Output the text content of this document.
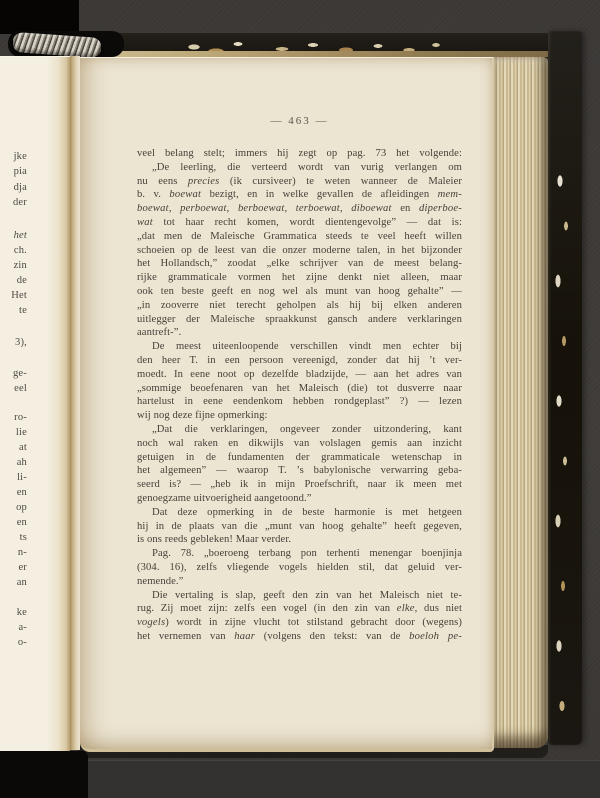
jke
pia
dja
der
het
ch.
zin
de
Het
te
3),
ge-
eel
ro-
lie
at
ah
li-
en
op
en
ts
n-
er
an
ke
a-
o-
— 463 —
veel belang stelt; immers hij zegt op pag. 73 het volgende:
„De leerling, die verteerd wordt van vurig verlangen om
nu eens precies (ik cursiveer) te weten wanneer de Maleier
b. v. boewat bezigt, en in welke gevallen de afleidingen mem-
boewat, perboewat, berboewat, terboewat, diboewat en diperboe-
wat tot haar recht komen, wordt dientengevolge” — dat is:
„dat men de Maleische Grammatica steeds te veel heeft willen
schoeien op de leest van die onzer moderne talen, in het bijzonder
het Hollandsch,” zoodat „elke schrijver van de meest belang-
rijke grammaticale vormen het zijne denkt niet alleen, maar
ook ten beste geeft en nog wel als munt van hoog gehalte” —
„in zooverre niet terecht geholpen als hij bij elken anderen
uitlegger der Maleische spraakkunst gansch andere verklaringen
aantreft-”.
De meest uiteenloopende verschillen vindt men echter bij
den heer T. in een persoon vereenigd, zonder dat hij ’t ver-
moedt. In eene noot op dezelfde bladzijde, — aan het adres van
„sommige beoefenaren van het Maleisch (die) tot dusverre naar
hartelust in eene eendenkom hebben rondgeplast” ?) — lezen
wij nog deze fijne opmerking:
„Dat die verklaringen, ongeveer zonder uitzondering, kant
noch wal raken en dikwijls van volslagen gemis aan inzicht
getuigen in de fundamenten der grammaticale wetenschap in
het algemeen” — waarop T. ’s babylonische verwarring geba-
seerd is? — „heb ik in mijn Proefschrift, naar ik meen met
genoegzame uitvoerigheid aangetoond.”
Dat deze opmerking in de beste harmonie is met hetgeen
hij in de plaats van die „munt van hoog gehalte” heeft gegeven,
is ons reeds gebleken! Maar verder.
Pag. 78. „boeroeng terbang pon terhenti menengar boenjinja
(304. 16), zelfs vliegende vogels hielden stil, dat geluid ver-
nemende.”
Die vertaling is slap, geeft den zin van het Maleisch niet te-
rug. Zij moet zijn: zelfs een vogel (in den zin van elke, dus niet
vogels) wordt in zijne vlucht tot stilstand gebracht door (wegens)
het vernemen van haar (volgens den tekst: van de boeloh pe-
